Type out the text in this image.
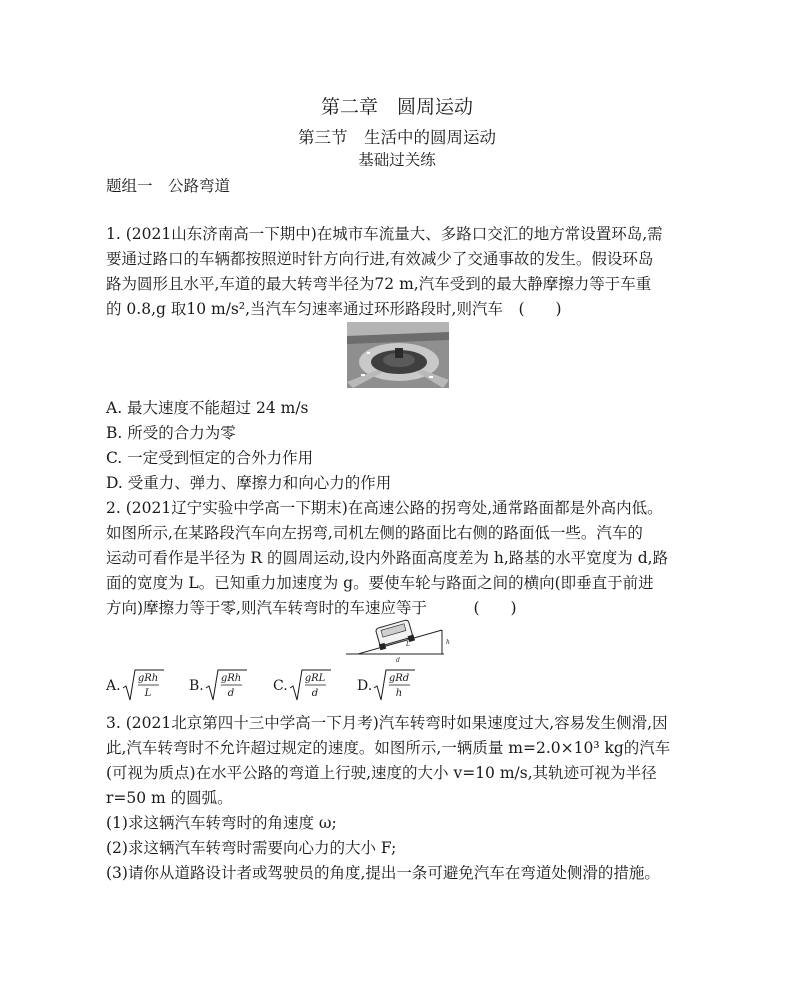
第二章　圆周运动
第三节　生活中的圆周运动
基础过关练
题组一　公路弯道
1. (2021山东济南高一下期中)在城市车流量大、多路口交汇的地方常设置环岛,需
要通过路口的车辆都按照逆时针方向行进,有效减少了交通事故的发生。假设环岛
路为圆形且水平,车道的最大转弯半径为72 m,汽车受到的最大静摩擦力等于车重
的 0.8,g 取10 m/s²,当汽车匀速率通过环形路段时,则汽车　(　　)
A. 最大速度不能超过 24 m/s
B. 所受的合力为零
C. 一定受到恒定的合外力作用
D. 受重力、弹力、摩擦力和向心力的作用
2. (2021辽宁实验中学高一下期末)在高速公路的拐弯处,通常路面都是外高内低。
如图所示,在某路段汽车向左拐弯,司机左侧的路面比右侧的路面低一些。汽车的
运动可看作是半径为 R 的圆周运动,设内外路面高度差为 h,路基的水平宽度为 d,路
面的宽度为 L。已知重力加速度为 g。要使车轮与路面之间的横向(即垂直于前进
方向)摩擦力等于零,则汽车转弯时的车速应等于　　　(　　)
L	h
d
A. gRh
L	B. gRh
d	C. gRL
d	D. gRd
h
3. (2021北京第四十三中学高一下月考)汽车转弯时如果速度过大,容易发生侧滑,因
此,汽车转弯时不允许超过规定的速度。如图所示,一辆质量 m=2.0×10³ kg的汽车
(可视为质点)在水平公路的弯道上行驶,速度的大小 v=10 m/s,其轨迹可视为半径
r=50 m 的圆弧。
(1)求这辆汽车转弯时的角速度 ω;
(2)求这辆汽车转弯时需要向心力的大小 F;
(3)请你从道路设计者或驾驶员的角度,提出一条可避免汽车在弯道处侧滑的措施。
